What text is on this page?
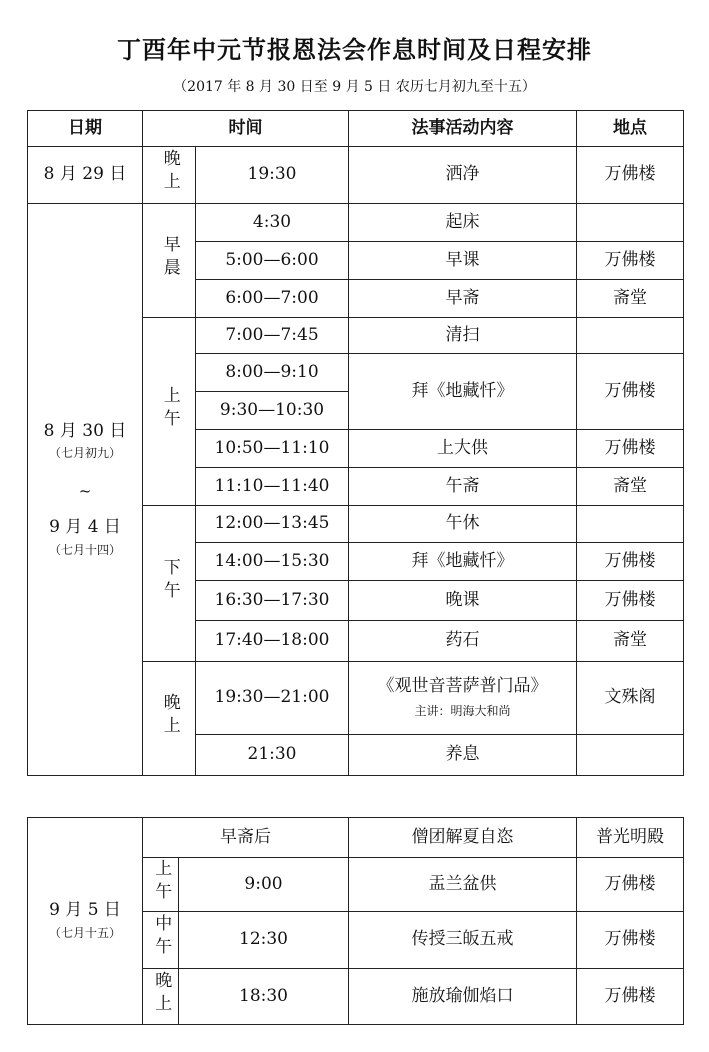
丁酉年中元节报恩法会作息时间及日程安排
（2017 年 8 月 30 日至 9 月 5 日 农历七月初九至十五）
日期	时间		法事活动内容	地点
8 月 29 日	晚上	19:30	洒净	万佛楼

8 月 30 日
（七月初九）
~
9 月 4 日
（七月十四）	早晨	4:30	起床	
		5:00—6:00	早课	万佛楼
		6:00—7:00	早斋	斋堂
	上午	7:00—7:45	清扫	
		8:00—9:10	拜《地藏忏》	万佛楼
		9:30—10:30		
		10:50—11:10	上大供	万佛楼
		11:10—11:40	午斋	斋堂
	下午	12:00—13:45	午休	
		14:00—15:30	拜《地藏忏》	万佛楼
		16:30—17:30	晚课	万佛楼
		17:40—18:00	药石	斋堂
	晚上	19:30—21:00	《观世音菩萨普门品》
主讲：明海大和尚	文殊阁
		21:30	养息	
9 月 5 日
（七月十五）	早斋后		僧团解夏自恣	普光明殿
	上午	9:00	盂兰盆供	万佛楼
	中午	12:30	传授三皈五戒	万佛楼
	晚上	18:30	施放瑜伽焰口	万佛楼
